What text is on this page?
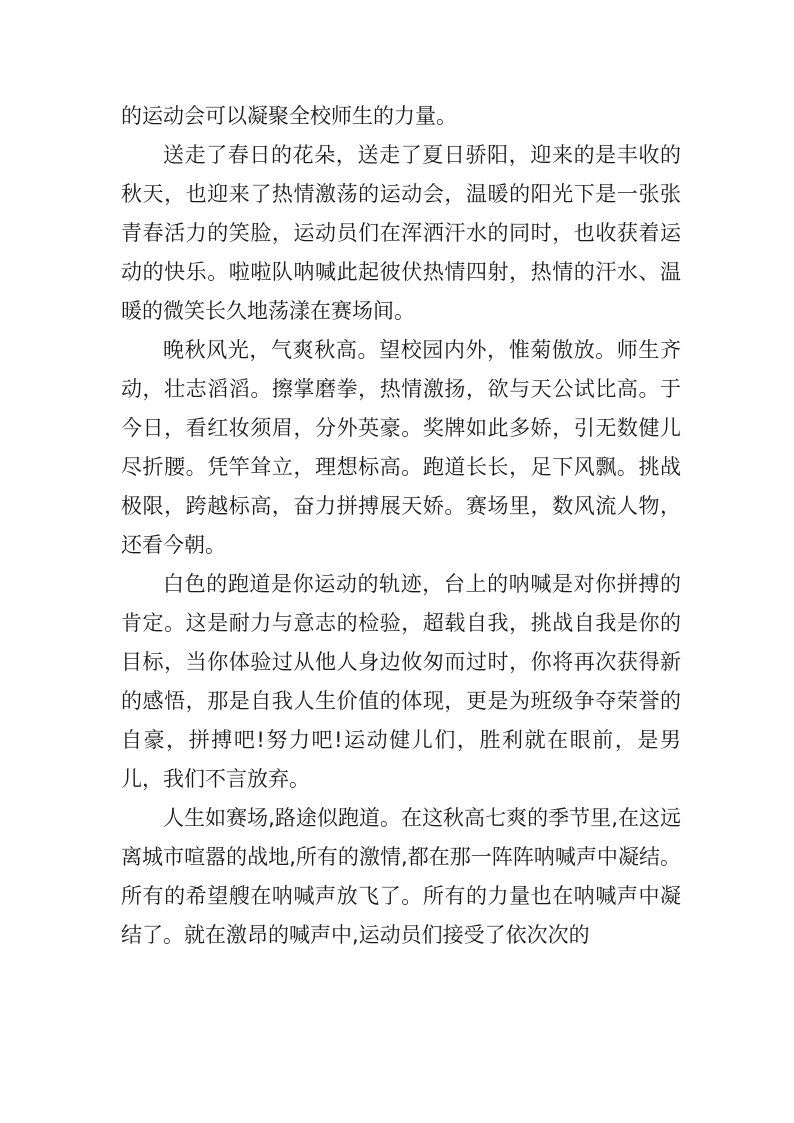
的运动会可以凝聚全校师生的力量。

送走了春日的花朵，送走了夏日骄阳，迎来的是丰收的秋天，也迎来了热情激荡的运动会，温暖的阳光下是一张张青春活力的笑脸，运动员们在浑洒汗水的同时，也收获着运动的快乐。啦啦队呐喊此起彼伏热情四射，热情的汗水、温暖的微笑长久地荡漾在赛场间。

晚秋风光，气爽秋高。望校园内外，惟菊傲放。师生齐动，壮志滔滔。擦掌磨拳，热情激扬，欲与天公试比高。于今日，看红妆须眉，分外英豪。奖牌如此多娇，引无数健儿尽折腰。凭竿耸立，理想标高。跑道长长，足下风飘。挑战极限，跨越标高，奋力拼搏展天娇。赛场里，数风流人物，还看今朝。

白色的跑道是你运动的轨迹，台上的呐喊是对你拼搏的肯定。这是耐力与意志的检验，超载自我，挑战自我是你的目标，当你体验过从他人身边攸匆而过时，你将再次获得新的感悟，那是自我人生价值的体现，更是为班级争夺荣誉的自豪，拼搏吧!努力吧!运动健儿们，胜利就在眼前，是男儿，我们不言放弃。

人生如赛场,路途似跑道。在这秋高七爽的季节里,在这远离城市喧嚣的战地,所有的激情,都在那一阵阵呐喊声中凝结。所有的希望艘在呐喊声放飞了。所有的力量也在呐喊声中凝结了。就在激昂的喊声中,运动员们接受了依次次的
